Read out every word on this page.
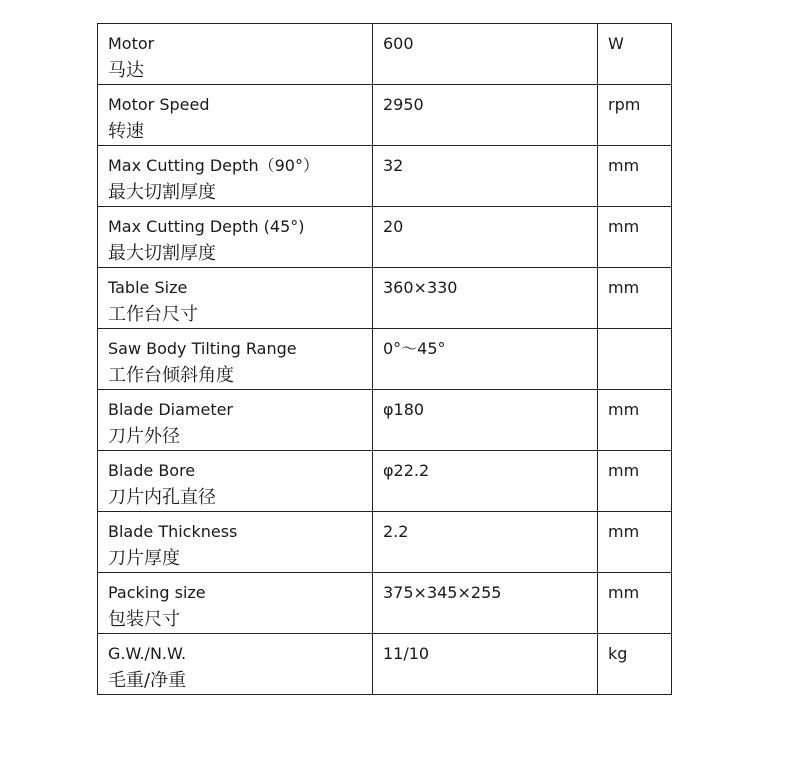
Motor
马达	600	W

Motor Speed
转速	2950	rpm

Max Cutting Depth（90°）
最大切割厚度	32	mm

Max Cutting Depth (45°)
最大切割厚度	20	mm

Table Size
工作台尺寸	360×330	mm

Saw Body Tilting Range
工作台倾斜角度	0°～45°	

Blade Diameter
刀片外径	φ180	mm

Blade Bore
刀片内孔直径	φ22.2	mm

Blade Thickness
刀片厚度	2.2	mm

Packing size
包装尺寸	375×345×255	mm

G.W./N.W.
毛重/净重	11/10	kg
